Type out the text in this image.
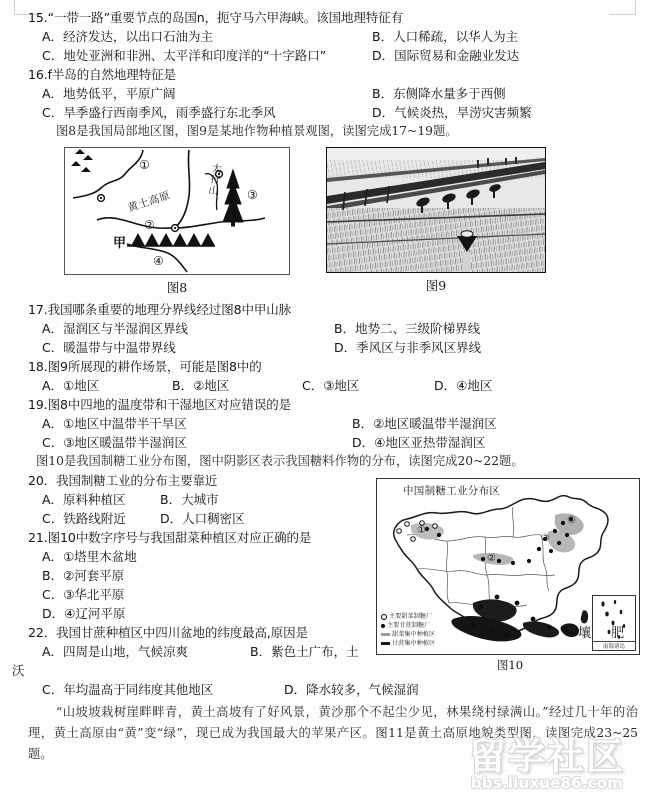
15.“一带一路”重要节点的岛国n，扼守马六甲海峡。该国地理特征有
A．经济发达，以出口石油为主	B．人口稀疏，以华人为主
C．地处亚洲和非洲、太平洋和印度洋的“十字路口”	D．国际贸易和金融业发达
16.f半岛的自然地理特征是
A．地势低平，平原广阔	B．东侧降水量多于西侧
C．旱季盛行西南季风，雨季盛行东北季风	D．气候炎热，旱涝灾害频繁
图8是我国局部地区图，图9是某地作物种植景观图，读图完成17~19题。
①
②
③
④
黄土高原
太行山
甲
图8	图9
17.我国哪条重要的地理分界线经过图8中甲山脉
A．湿润区与半湿润区界线	B．地势二、三级阶梯界线
C．暖温带与中温带界线	D．季风区与非季风区界线
18.图9所展现的耕作场景，可能是图8中的
A．①地区	B．②地区	C．③地区	D．④地区
19.图8中四地的温度带和干湿地区对应错误的是
A．①地区中温带半干旱区	B．②地区暖温带半湿润区
C．③地区暖温带半湿润区	D．④地区亚热带湿润区
图10是我国制糖工业分布图，图中阴影区表示我国糖料作物的分布，读图完成20~22题。
20．我国制糖工业的分布主要靠近
A．原料种植区	B．大城市
C．铁路线附近	D．人口稠密区
21.图10中数字序号与我国甜菜种植区对应正确的是
A．①塔里木盆地
B．②河套平原
C．③华北平原
D．④辽河平原
22．我国甘蔗种植区中四川盆地的纬度最高,原因是
A．四周是山地，气候凉爽	B．紫色土广布，土
沃
C．年均温高于同纬度其他地区	D．降水较多，气候湿润
“山坡坡栽树崖畔畔青，黄土高坡有了好风景，黄沙那个不起尘少见，林果绕村绿满山。”经过几十年的治理，黄土高原由“黄”变“绿”，现已成为我国最大的苹果产区。图11是黄土高原地貌类型图，读图完成23~25题。
中国制糖工业分布区
①
②
③
④
主要甜菜制糖厂
主要甘蔗制糖厂
甜菜集中种植区
甘蔗集中种植区	南海诸岛
图10
壤 肥
留学社区
bbs.liuxue86.com
